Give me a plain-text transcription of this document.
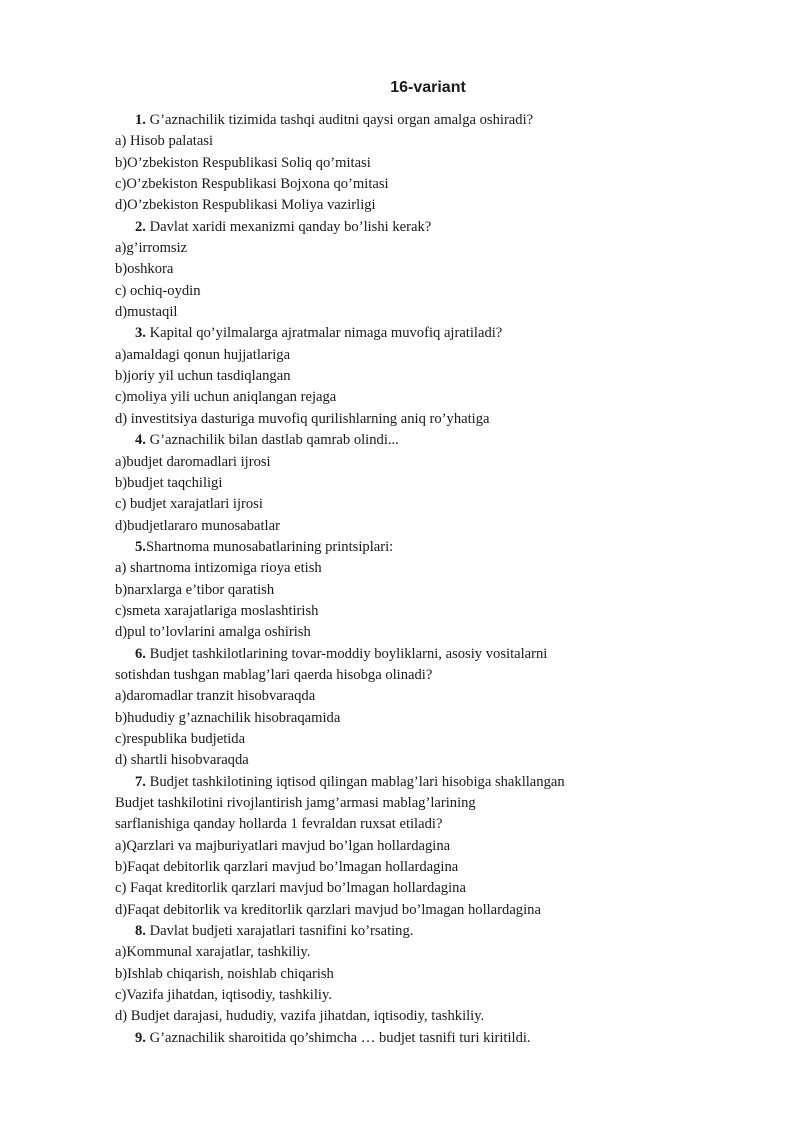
16-variant
1. G’aznachilik tizimida tashqi auditni qaysi organ amalga oshiradi?
a) Hisob palatasi
b)O’zbekiston Respublikasi Soliq qo’mitasi
c)O’zbekiston Respublikasi Bojxona qo’mitasi
d)O’zbekiston Respublikasi Moliya vazirligi
2. Davlat xaridi mexanizmi qanday bo’lishi kerak?
a)g’irromsiz
b)oshkora
c) ochiq-oydin
d)mustaqil
3. Kapital qo’yilmalarga ajratmalar nimaga muvofiq ajratiladi?
a)amaldagi qonun hujjatlariga
b)joriy yil uchun tasdiqlangan
c)moliya yili uchun aniqlangan rejaga
d) investitsiya dasturiga muvofiq qurilishlarning aniq ro’yhatiga
4. G’aznachilik bilan dastlab qamrab olindi...
a)budjet daromadlari ijrosi
b)budjet taqchiligi
c) budjet xarajatlari ijrosi
d)budjetlararo munosabatlar
5.Shartnoma munosabatlarining printsiplari:
a) shartnoma intizomiga rioya etish
b)narxlarga e’tibor qaratish
c)smeta xarajatlariga moslashtirish
d)pul to’lovlarini amalga oshirish
6. Budjet tashkilotlarining tovar-moddiy boyliklarni, asosiy vositalarni
sotishdan tushgan mablag’lari qaerda hisobga olinadi?
a)daromadlar tranzit hisobvaraqda
b)hududiy g’aznachilik hisobraqamida
c)respublika budjetida
d) shartli hisobvaraqda
7. Budjet tashkilotining iqtisod qilingan mablag’lari hisobiga shakllangan
Budjet tashkilotini rivojlantirish jamg’armasi mablag’larining
sarflanishiga qanday hollarda 1 fevraldan ruxsat etiladi?
a)Qarzlari va majburiyatlari mavjud bo’lgan hollardagina
b)Faqat debitorlik qarzlari mavjud bo’lmagan hollardagina
c) Faqat kreditorlik qarzlari mavjud bo’lmagan hollardagina
d)Faqat debitorlik va kreditorlik qarzlari mavjud bo’lmagan hollardagina
8. Davlat budjeti xarajatlari tasnifini ko’rsating.
a)Kommunal xarajatlar, tashkiliy.
b)Ishlab chiqarish, noishlab chiqarish
c)Vazifa jihatdan, iqtisodiy, tashkiliy.
d) Budjet darajasi, hududiy, vazifa jihatdan, iqtisodiy, tashkiliy.
9. G’aznachilik sharoitida qo’shimcha … budjet tasnifi turi kiritildi.
